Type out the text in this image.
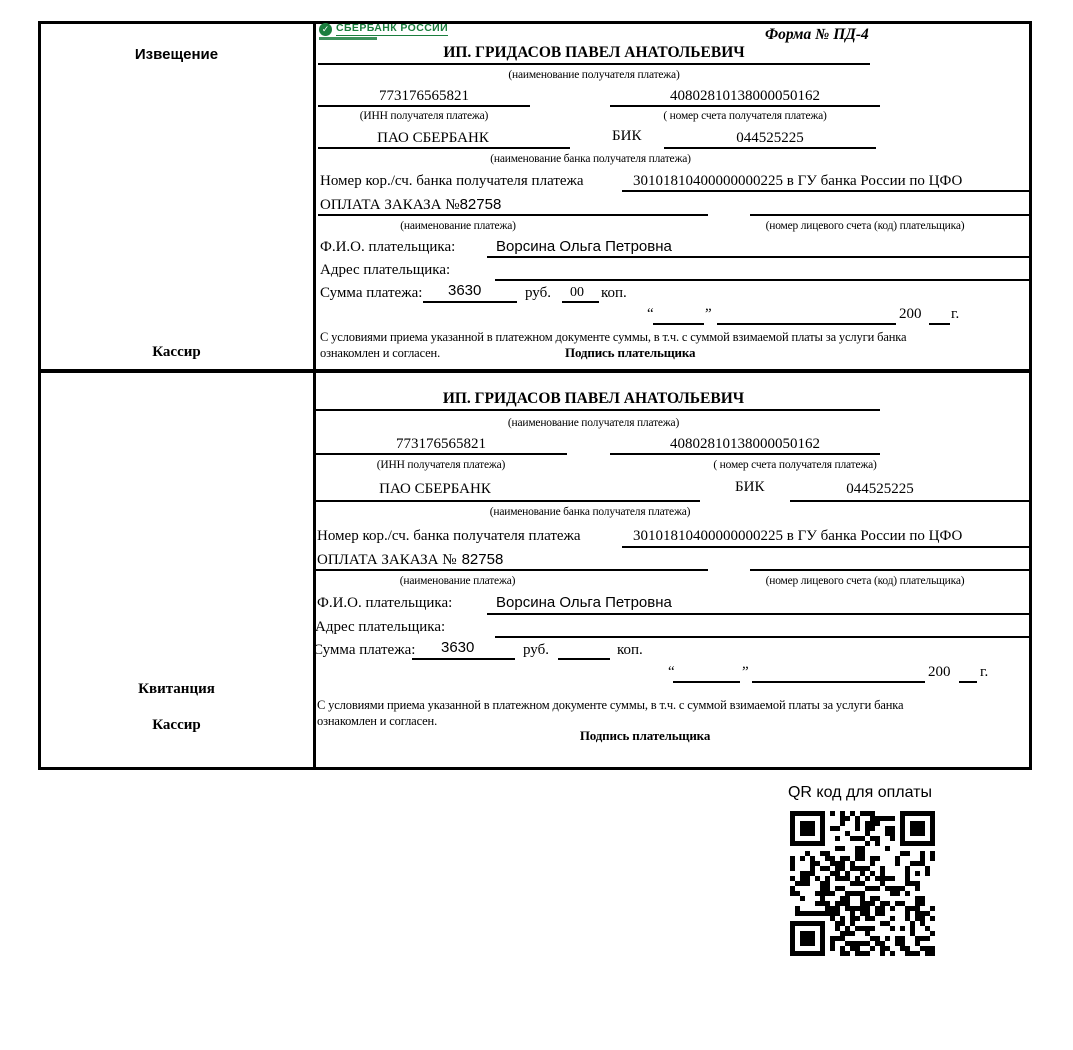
Извещение
Кассир
✓ СБЕРБАНК РОССИИ	Форма № ПД-4
ИП. ГРИДАСОВ ПАВЕЛ АНАТОЛЬЕВИЧ
(наименование получателя платежа)
773176565821	40802810138000050162
(ИНН получателя платежа)	( номер счета получателя платежа)
ПАО СБЕРБАНК	БИК	044525225
(наименование банка получателя платежа)
Номер кор./сч. банка получателя платежа	30101810400000000225 в ГУ банка России по ЦФО
ОПЛАТА ЗАКАЗА №82758
(наименование платежа)	(номер лицевого счета (код) плательщика)
Ф.И.О. плательщика:	Ворсина Ольга Петровна
Адрес плательщика:
Сумма платежа: 3630	руб. 00 коп.
“	”	200 г.
С условиями приема указанной в платежном документе суммы, в т.ч. с суммой взимаемой платы за услуги банка
ознакомлен и согласен.	Подпись плательщика
Квитанция
Кассир
ИП. ГРИДАСОВ ПАВЕЛ АНАТОЛЬЕВИЧ
(наименование получателя платежа)
773176565821	40802810138000050162
(ИНН получателя платежа)	( номер счета получателя платежа)
ПАО СБЕРБАНК	БИК	044525225
(наименование банка получателя платежа)
Номер кор./сч. банка получателя платежа	30101810400000000225 в ГУ банка России по ЦФО
ОПЛАТА ЗАКАЗА № 82758
(наименование платежа)	(номер лицевого счета (код) плательщика)
Ф.И.О. плательщика:	Ворсина Ольга Петровна
Адрес плательщика:
Сумма платежа: 3630	руб.	коп.
“	”	200 г.
С условиями приема указанной в платежном документе суммы, в т.ч. с суммой взимаемой платы за услуги банка
ознакомлен и согласен.
Подпись плательщика
QR код для оплаты
